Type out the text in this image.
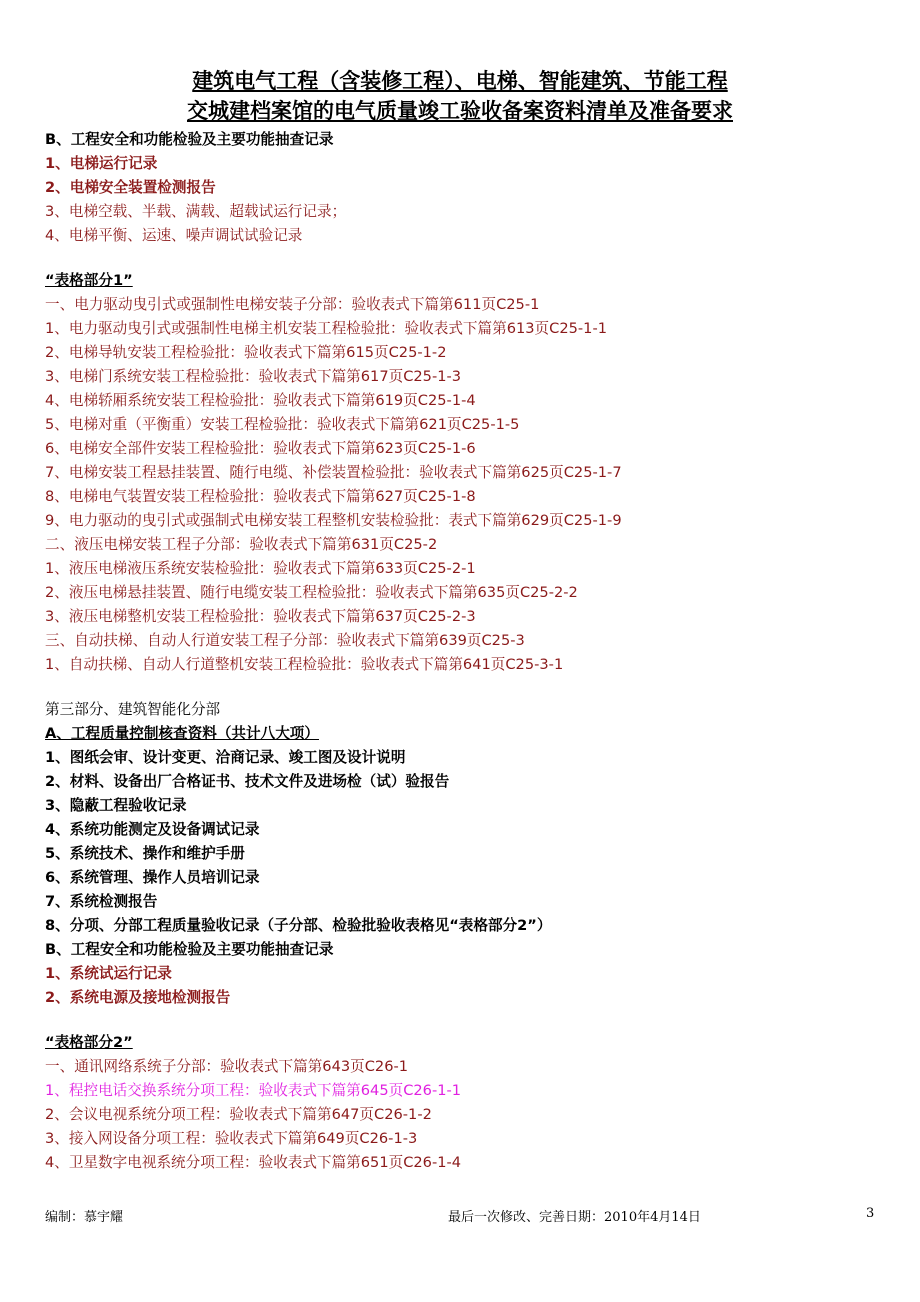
建筑电气工程（含装修工程）、电梯、智能建筑、节能工程
交城建档案馆的电气质量竣工验收备案资料清单及准备要求
B、工程安全和功能检验及主要功能抽查记录
1、电梯运行记录
2、电梯安全装置检测报告
3、电梯空载、半载、满载、超载试运行记录；
4、电梯平衡、运速、噪声调试试验记录
“表格部分1”
一、电力驱动曳引式或强制性电梯安装子分部：验收表式下篇第611页C25-1
1、电力驱动曳引式或强制性电梯主机安装工程检验批：验收表式下篇第613页C25-1-1
2、电梯导轨安装工程检验批：验收表式下篇第615页C25-1-2
3、电梯门系统安装工程检验批：验收表式下篇第617页C25-1-3
4、电梯轿厢系统安装工程检验批：验收表式下篇第619页C25-1-4
5、电梯对重（平衡重）安装工程检验批：验收表式下篇第621页C25-1-5
6、电梯安全部件安装工程检验批：验收表式下篇第623页C25-1-6
7、电梯安装工程悬挂装置、随行电缆、补偿装置检验批：验收表式下篇第625页C25-1-7
8、电梯电气装置安装工程检验批：验收表式下篇第627页C25-1-8
9、电力驱动的曳引式或强制式电梯安装工程整机安装检验批：表式下篇第629页C25-1-9
二、液压电梯安装工程子分部：验收表式下篇第631页C25-2
1、液压电梯液压系统安装检验批：验收表式下篇第633页C25-2-1
2、液压电梯悬挂装置、随行电缆安装工程检验批：验收表式下篇第635页C25-2-2
3、液压电梯整机安装工程检验批：验收表式下篇第637页C25-2-3
三、自动扶梯、自动人行道安装工程子分部：验收表式下篇第639页C25-3
1、自动扶梯、自动人行道整机安装工程检验批：验收表式下篇第641页C25-3-1
第三部分、建筑智能化分部
A、工程质量控制核查资料（共计八大项）
1、图纸会审、设计变更、洽商记录、竣工图及设计说明
2、材料、设备出厂合格证书、技术文件及进场检（试）验报告
3、隐蔽工程验收记录
4、系统功能测定及设备调试记录
5、系统技术、操作和维护手册
6、系统管理、操作人员培训记录
7、系统检测报告
8、分项、分部工程质量验收记录（子分部、检验批验收表格见“表格部分2”）
B、工程安全和功能检验及主要功能抽查记录
1、系统试运行记录
2、系统电源及接地检测报告
“表格部分2”
一、通讯网络系统子分部：验收表式下篇第643页C26-1
1、程控电话交换系统分项工程：验收表式下篇第645页C26-1-1
2、会议电视系统分项工程：验收表式下篇第647页C26-1-2
3、接入网设备分项工程：验收表式下篇第649页C26-1-3
4、卫星数字电视系统分项工程：验收表式下篇第651页C26-1-4
编制：慕宇耀	最后一次修改、完善日期：2010年4月14日	3
